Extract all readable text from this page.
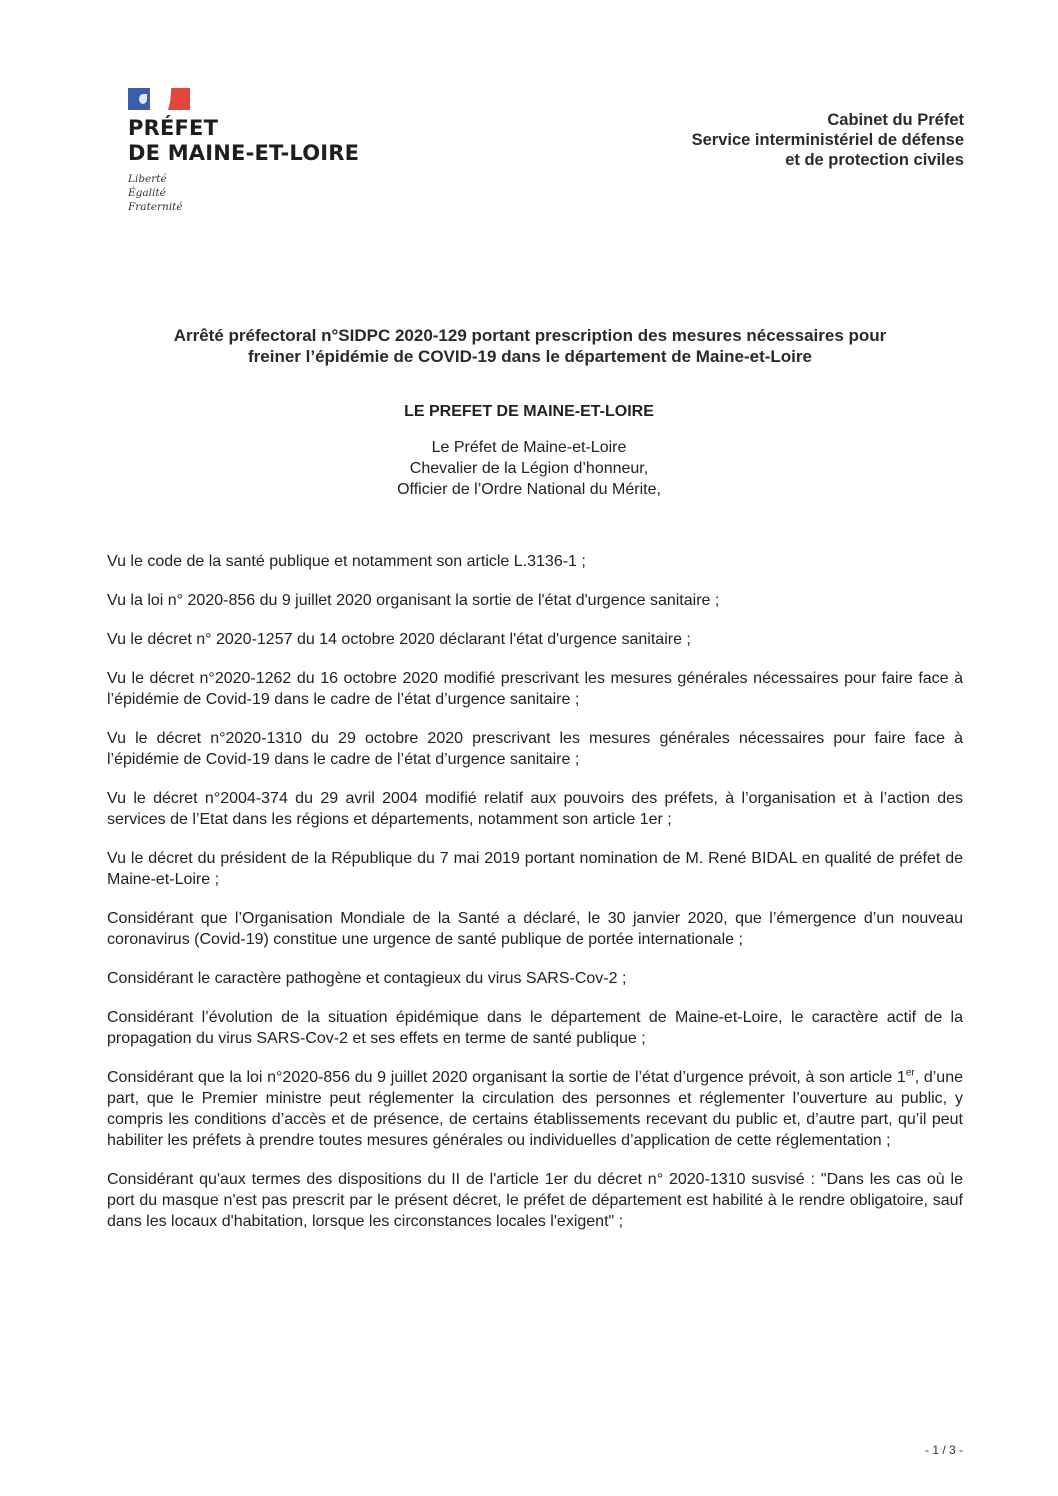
PRÉFET
DE MAINE-ET-LOIRE
Liberté
Égalité
Fraternité
Cabinet du Préfet
Service interministériel de défense
et de protection civiles
Arrêté préfectoral n°SIDPC 2020-129 portant prescription des mesures nécessaires pour
freiner l’épidémie de COVID-19 dans le département de Maine-et-Loire
LE PREFET DE MAINE-ET-LOIRE
Le Préfet de Maine-et-Loire
Chevalier de la Légion d’honneur,
Officier de l’Ordre National du Mérite,

Vu le code de la santé publique et notamment son article L.3136-1 ;

Vu la loi n° 2020-856 du 9 juillet 2020 organisant la sortie de l'état d'urgence sanitaire ;

Vu le décret n° 2020-1257 du 14 octobre 2020 déclarant l'état d'urgence sanitaire ;

Vu le décret n°2020-1262 du 16 octobre 2020 modifié prescrivant les mesures générales nécessaires pour faire face à l’épidémie de Covid-19 dans le cadre de l’état d’urgence sanitaire ;

Vu le décret n°2020-1310 du 29 octobre 2020 prescrivant les mesures générales nécessaires pour faire face à l’épidémie de Covid-19 dans le cadre de l’état d’urgence sanitaire ;

Vu le décret n°2004-374 du 29 avril 2004 modifié relatif aux pouvoirs des préfets, à l’organisation et à l’action des services de l’Etat dans les régions et départements, notamment son article 1er ;

Vu le décret du président de la République du 7 mai 2019 portant nomination de M. René BIDAL en qualité de préfet de Maine-et-Loire ;

Considérant que l’Organisation Mondiale de la Santé a déclaré, le 30 janvier 2020, que l’émergence d’un nouveau coronavirus (Covid-19) constitue une urgence de santé publique de portée internationale ;

Considérant le caractère pathogène et contagieux du virus SARS-Cov-2 ;

Considérant l’évolution de la situation épidémique dans le département de Maine-et-Loire, le caractère actif de la propagation du virus SARS-Cov-2 et ses effets en terme de santé publique ;

Considérant que la loi n°2020-856 du 9 juillet 2020 organisant la sortie de l’état d’urgence prévoit, à son article 1er, d’une part, que le Premier ministre peut réglementer la circulation des personnes et réglementer l’ouverture au public, y compris les conditions d’accès et de présence, de certains établissements recevant du public et, d’autre part, qu’il peut habiliter les préfets à prendre toutes mesures générales ou individuelles d’application de cette réglementation ;

Considérant qu'aux termes des dispositions du II de l'article 1er du décret n° 2020-1310 susvisé : "Dans les cas où le port du masque n'est pas prescrit par le présent décret, le préfet de département est habilité à le rendre obligatoire, sauf dans les locaux d'habitation, lorsque les circonstances locales l'exigent" ;

- 1 / 3 -
